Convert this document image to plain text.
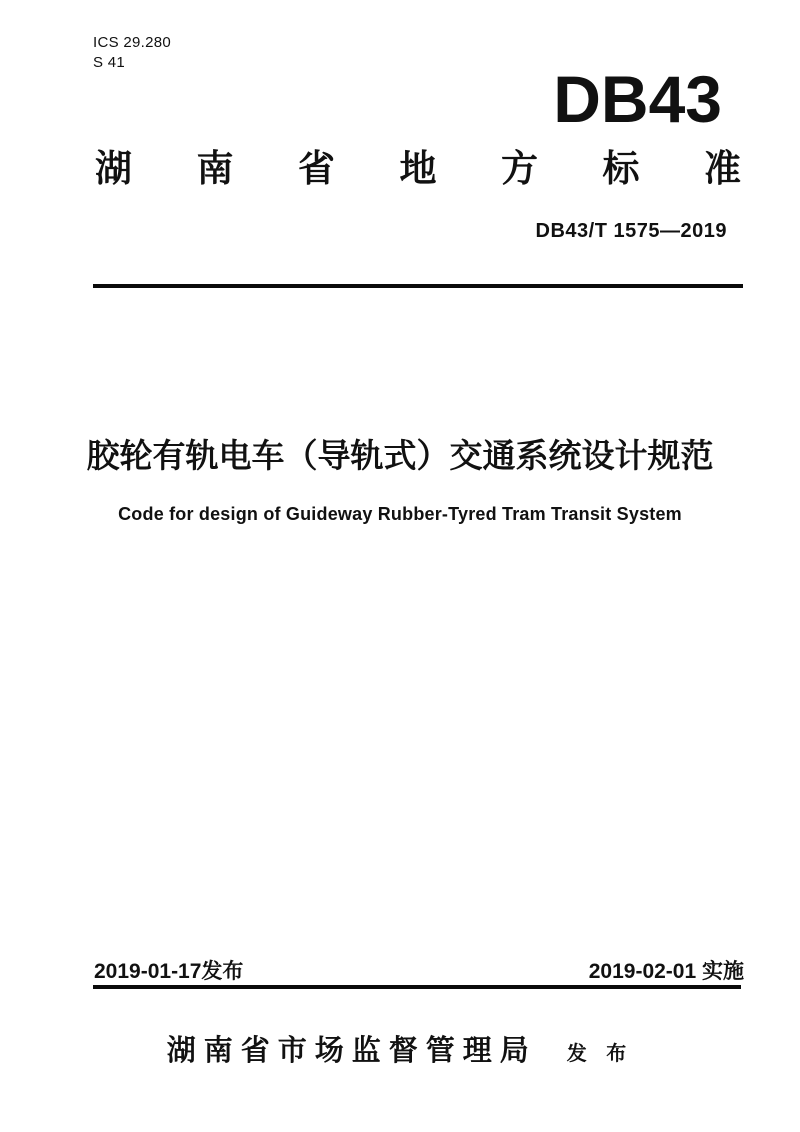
ICS 29.280
S 41	DB43
湖 南 省 地 方 标 准
DB43/T 1575—2019
胶轮有轨电车（导轨式）交通系统设计规范
Code for design of Guideway Rubber-Tyred Tram Transit System
2019-01-17发布	2019-02-01 实施
湖南省市场监督管理局 发 布
